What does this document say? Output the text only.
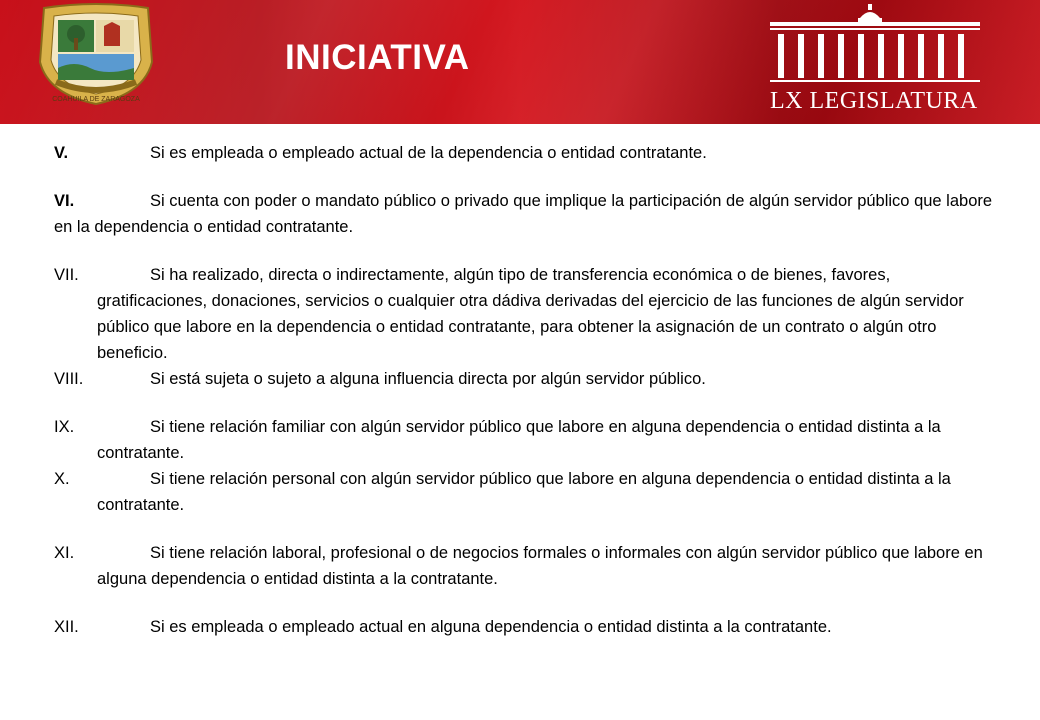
COAHUILA DE ZARAGOZA
INICIATIVA
LX LEGISLATURA
V.	Si es empleada o empleado actual de la dependencia o entidad contratante.
VI.	Si cuenta con poder o mandato público o privado que implique la participación de algún servidor público que labore en la dependencia o entidad contratante.
VII.	Si ha realizado, directa o indirectamente, algún tipo de transferencia económica o de bienes, favores, gratificaciones, donaciones, servicios o cualquier otra dádiva derivadas del ejercicio de las funciones de algún servidor público que labore en la dependencia o entidad contratante, para obtener la asignación de un contrato o algún otro beneficio.
VIII.	Si está sujeta o sujeto a alguna influencia directa por algún servidor público.
IX.	Si tiene relación familiar con algún servidor público que labore en alguna dependencia o entidad distinta a la contratante.
X.	Si tiene relación personal con algún servidor público que labore en alguna dependencia o entidad distinta a la contratante.
XI.	Si tiene relación laboral, profesional o de negocios formales o informales con algún servidor público que labore en alguna dependencia o entidad distinta a la contratante.
XII.	Si es empleada o empleado actual en alguna dependencia o entidad distinta a la contratante.
